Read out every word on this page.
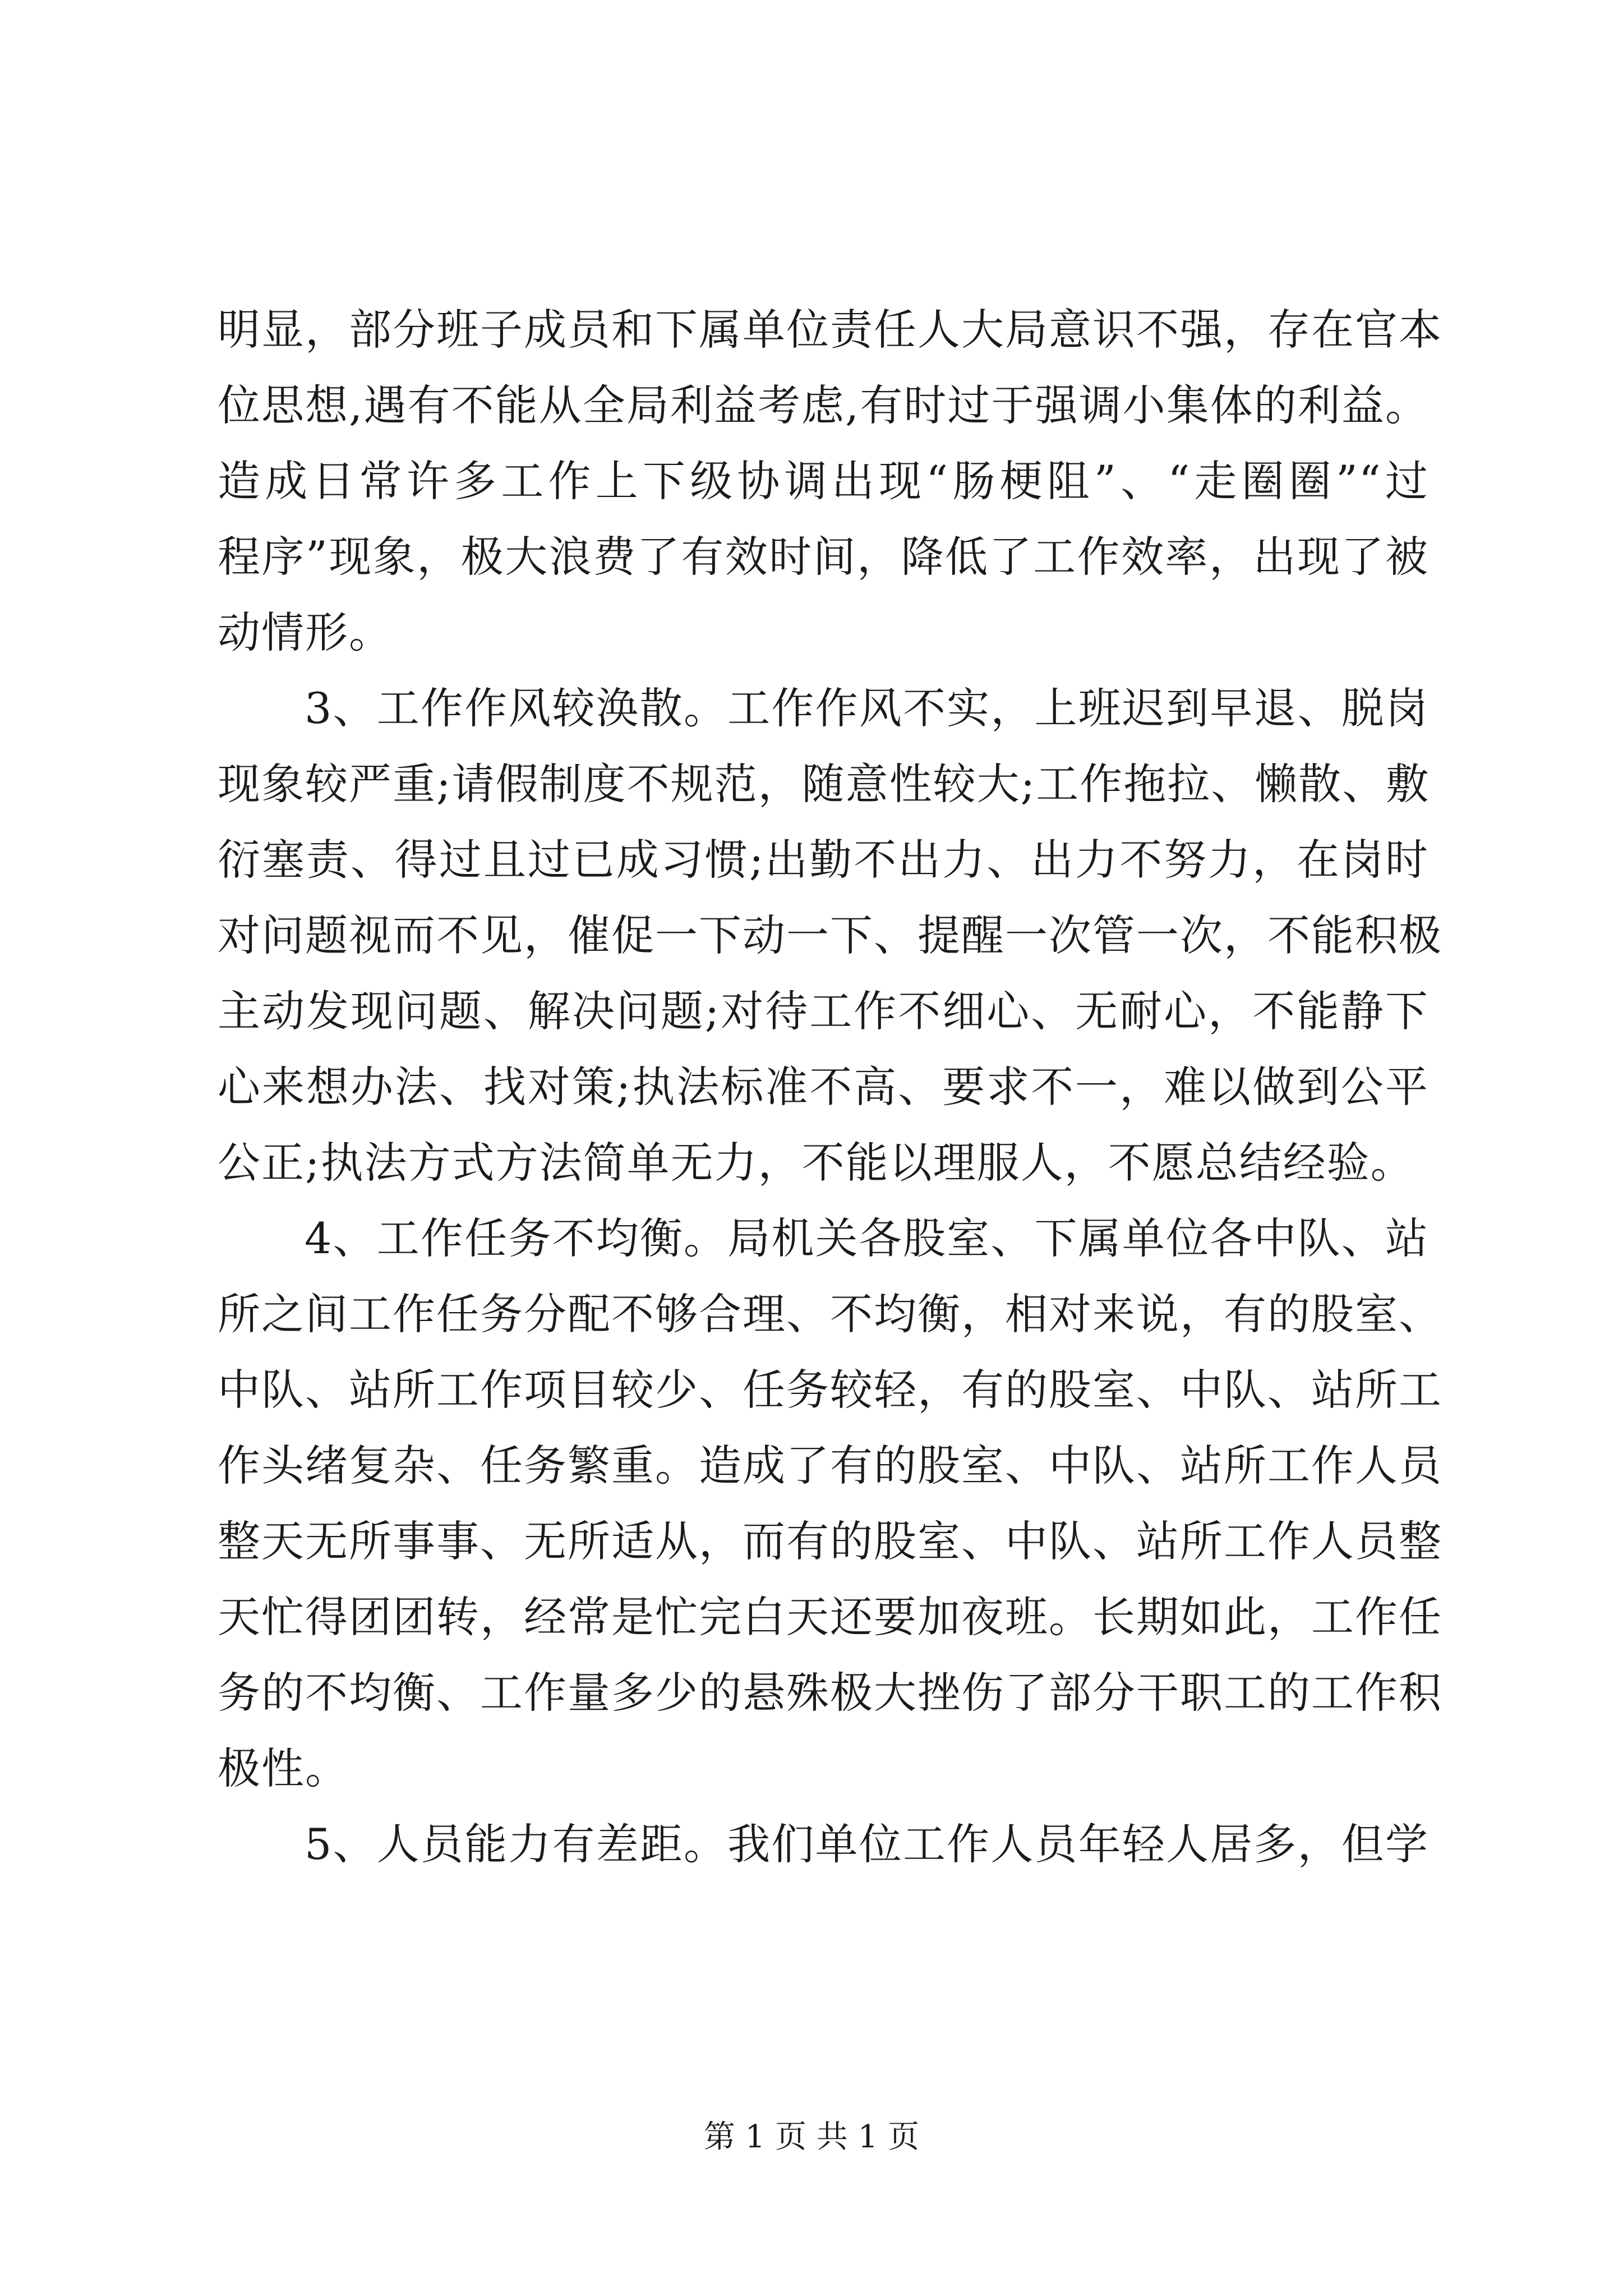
明显，部分班子成员和下属单位责任人大局意识不强，存在官本
位思想,遇有不能从全局利益考虑,有时过于强调小集体的利益。
造成日常许多工作上下级协调出现“肠梗阻”、“走圈圈”“过
程序”现象，极大浪费了有效时间，降低了工作效率，出现了被
动情形。
3、工作作风较涣散。工作作风不实，上班迟到早退、脱岗
现象较严重;请假制度不规范，随意性较大;工作拖拉、懒散、敷
衍塞责、得过且过已成习惯;出勤不出力、出力不努力，在岗时
对问题视而不见，催促一下动一下、提醒一次管一次，不能积极
主动发现问题、解决问题;对待工作不细心、无耐心，不能静下
心来想办法、找对策;执法标准不高、要求不一，难以做到公平
公正;执法方式方法简单无力，不能以理服人，不愿总结经验。
4、工作任务不均衡。局机关各股室、下属单位各中队、站
所之间工作任务分配不够合理、不均衡，相对来说，有的股室、
中队、站所工作项目较少、任务较轻，有的股室、中队、站所工
作头绪复杂、任务繁重。造成了有的股室、中队、站所工作人员
整天无所事事、无所适从，而有的股室、中队、站所工作人员整
天忙得团团转，经常是忙完白天还要加夜班。长期如此，工作任
务的不均衡、工作量多少的悬殊极大挫伤了部分干职工的工作积
极性。
5、人员能力有差距。我们单位工作人员年轻人居多，但学
第 1 页 共 1 页
